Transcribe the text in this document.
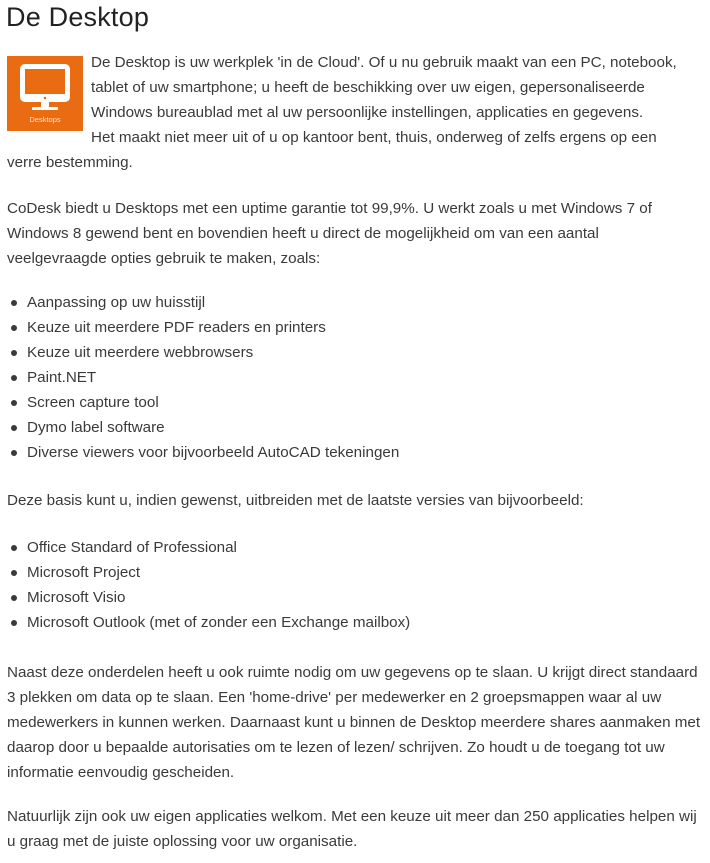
De Desktop
Desktops
De Desktop is uw werkplek 'in de Cloud'. Of u nu gebruik maakt van een PC, notebook,
tablet of uw smartphone; u heeft de beschikking over uw eigen, gepersonaliseerde
Windows bureaublad met al uw persoonlijke instellingen, applicaties en gegevens.
Het maakt niet meer uit of u op kantoor bent, thuis, onderweg of zelfs ergens op een
verre bestemming.

CoDesk biedt u Desktops met een uptime garantie tot 99,9%. U werkt zoals u met Windows 7 of Windows 8 gewend bent en bovendien heeft u direct de mogelijkheid om van een aantal veelgevraagde opties gebruik te maken, zoals:

Aanpassing op uw huisstijl
Keuze uit meerdere PDF readers en printers
Keuze uit meerdere webbrowsers
Paint.NET
Screen capture tool
Dymo label software
Diverse viewers voor bijvoorbeeld AutoCAD tekeningen

Deze basis kunt u, indien gewenst, uitbreiden met de laatste versies van bijvoorbeeld:

Office Standard of Professional
Microsoft Project
Microsoft Visio
Microsoft Outlook (met of zonder een Exchange mailbox)

Naast deze onderdelen heeft u ook ruimte nodig om uw gegevens op te slaan. U krijgt direct standaard 3 plekken om data op te slaan. Een 'home-drive' per medewerker en 2 groepsmappen waar al uw medewerkers in kunnen werken. Daarnaast kunt u binnen de Desktop meerdere shares aanmaken met daarop door u bepaalde autorisaties om te lezen of lezen/ schrijven. Zo houdt u de toegang tot uw informatie eenvoudig gescheiden.

Natuurlijk zijn ook uw eigen applicaties welkom. Met een keuze uit meer dan 250 applicaties helpen wij u graag met de juiste oplossing voor uw organisatie.
